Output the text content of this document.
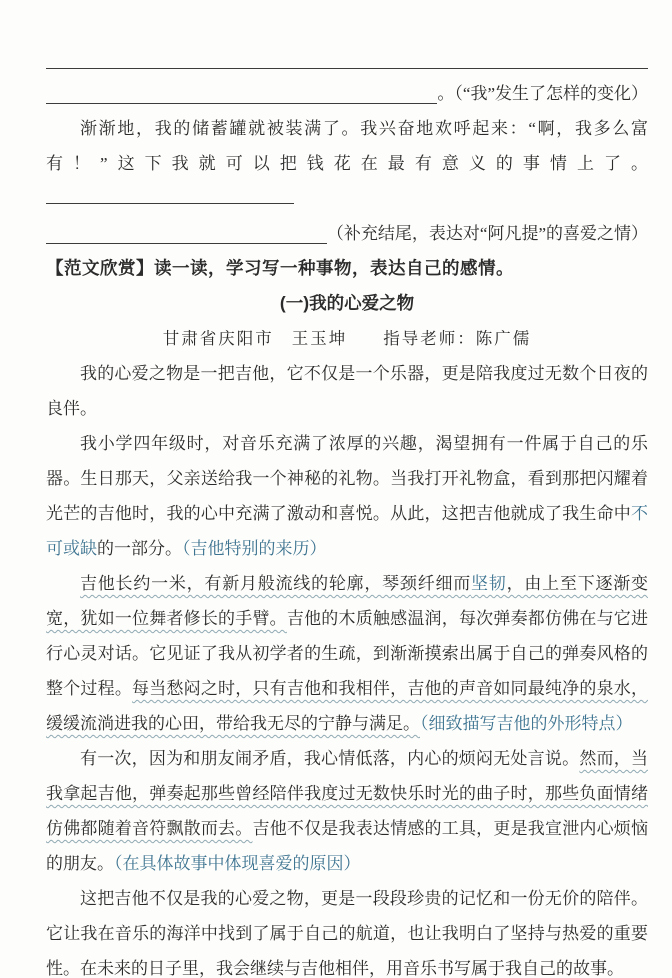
。（“我”发生了怎样的变化）

渐渐地，我的储蓄罐就被装满了。我兴奋地欢呼起来：“啊，我多么富有！”这下我就可以把钱花在最有意义的事情上了。

（补充结尾，表达对“阿凡提”的喜爱之情）
【范文欣赏】读一读，学习写一种事物，表达自己的感情。
(一)我的心爱之物
甘肃省庆阳市 王玉坤 指导老师：陈广儒

我的心爱之物是一把吉他，它不仅是一个乐器，更是陪我度过无数个日夜的良伴。

我小学四年级时，对音乐充满了浓厚的兴趣，渴望拥有一件属于自己的乐器。生日那天，父亲送给我一个神秘的礼物。当我打开礼物盒，看到那把闪耀着光芒的吉他时，我的心中充满了激动和喜悦。从此，这把吉他就成了我生命中不可或缺的一部分。（吉他特别的来历）

吉他长约一米，有新月般流线的轮廓，琴颈纤细而坚韧，由上至下逐渐变宽，犹如一位舞者修长的手臂。吉他的木质触感温润，每次弹奏都仿佛在与它进行心灵对话。它见证了我从初学者的生疏，到渐渐摸索出属于自己的弹奏风格的整个过程。每当愁闷之时，只有吉他和我相伴，吉他的声音如同最纯净的泉水，缓缓流淌进我的心田，带给我无尽的宁静与满足。（细致描写吉他的外形特点）

有一次，因为和朋友闹矛盾，我心情低落，内心的烦闷无处言说。然而，当我拿起吉他，弹奏起那些曾经陪伴我度过无数快乐时光的曲子时，那些负面情绪仿佛都随着音符飘散而去。吉他不仅是我表达情感的工具，更是我宣泄内心烦恼的朋友。（在具体故事中体现喜爱的原因）

这把吉他不仅是我的心爱之物，更是一段段珍贵的记忆和一份无价的陪伴。它让我在音乐的海洋中找到了属于自己的航道，也让我明白了坚持与热爱的重要性。在未来的日子里，我会继续与吉他相伴，用音乐书写属于我自己的故事。
